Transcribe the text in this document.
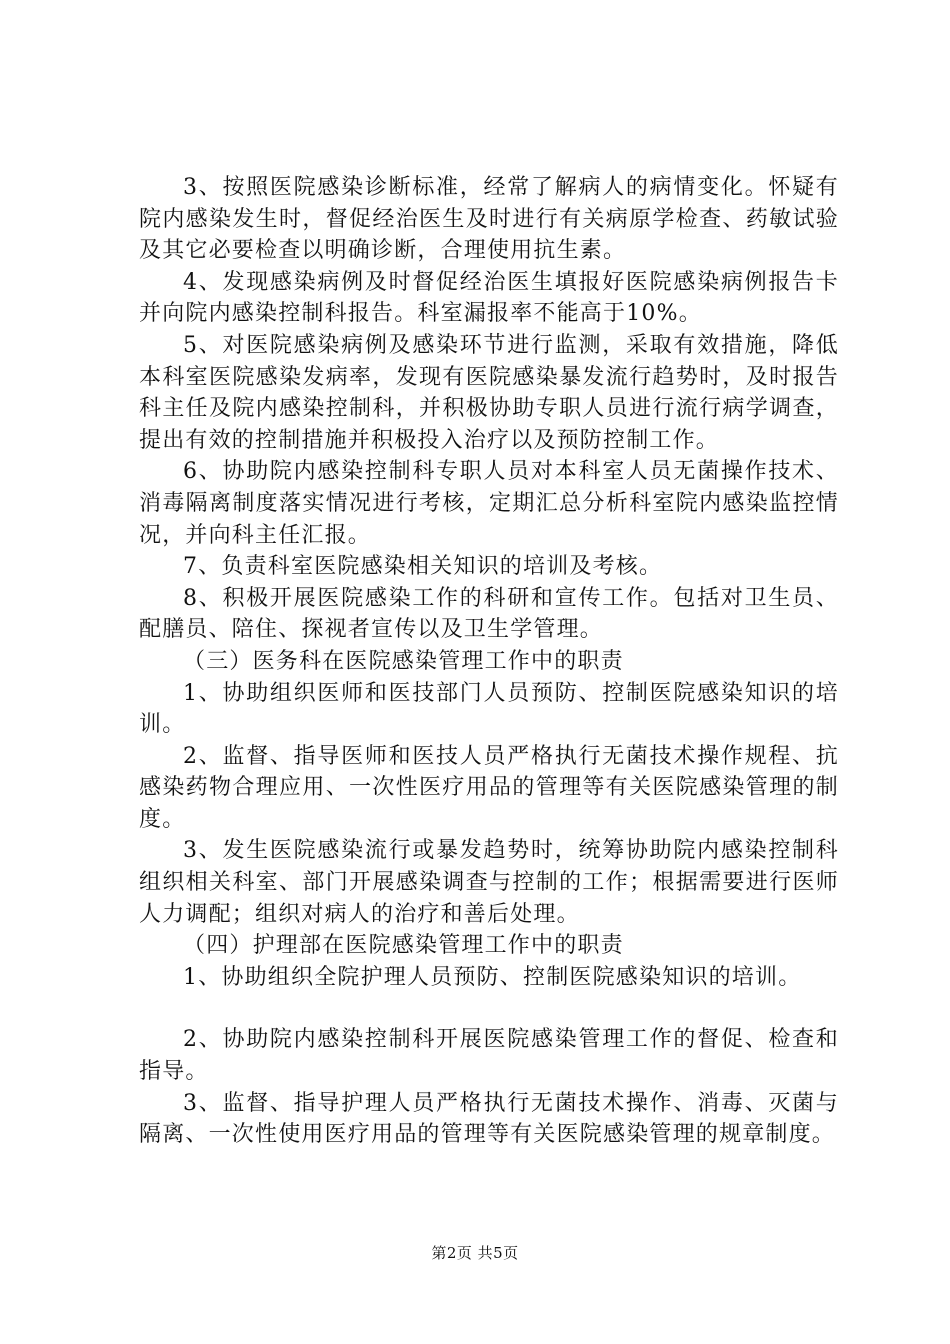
3、按照医院感染诊断标准，经常了解病人的病情变化。怀疑有院内感染发生时，督促经治医生及时进行有关病原学检查、药敏试验及其它必要检查以明确诊断，合理使用抗生素。

4、发现感染病例及时督促经治医生填报好医院感染病例报告卡并向院内感染控制科报告。科室漏报率不能高于10%。

5、对医院感染病例及感染环节进行监测，采取有效措施，降低本科室医院感染发病率，发现有医院感染暴发流行趋势时，及时报告科主任及院内感染控制科，并积极协助专职人员进行流行病学调查，提出有效的控制措施并积极投入治疗以及预防控制工作。

6、协助院内感染控制科专职人员对本科室人员无菌操作技术、消毒隔离制度落实情况进行考核，定期汇总分析科室院内感染监控情况，并向科主任汇报。

7、负责科室医院感染相关知识的培训及考核。

8、积极开展医院感染工作的科研和宣传工作。包括对卫生员、配膳员、陪住、探视者宣传以及卫生学管理。

（三）医务科在医院感染管理工作中的职责

1、协助组织医师和医技部门人员预防、控制医院感染知识的培训。

2、监督、指导医师和医技人员严格执行无菌技术操作规程、抗感染药物合理应用、一次性医疗用品的管理等有关医院感染管理的制度。

3、发生医院感染流行或暴发趋势时，统筹协助院内感染控制科组织相关科室、部门开展感染调查与控制的工作；根据需要进行医师人力调配；组织对病人的治疗和善后处理。

（四）护理部在医院感染管理工作中的职责

1、协助组织全院护理人员预防、控制医院感染知识的培训。

2、协助院内感染控制科开展医院感染管理工作的督促、检查和指导。

3、监督、指导护理人员严格执行无菌技术操作、消毒、灭菌与隔离、一次性使用医疗用品的管理等有关医院感染管理的规章制度。

第2页 共5页
